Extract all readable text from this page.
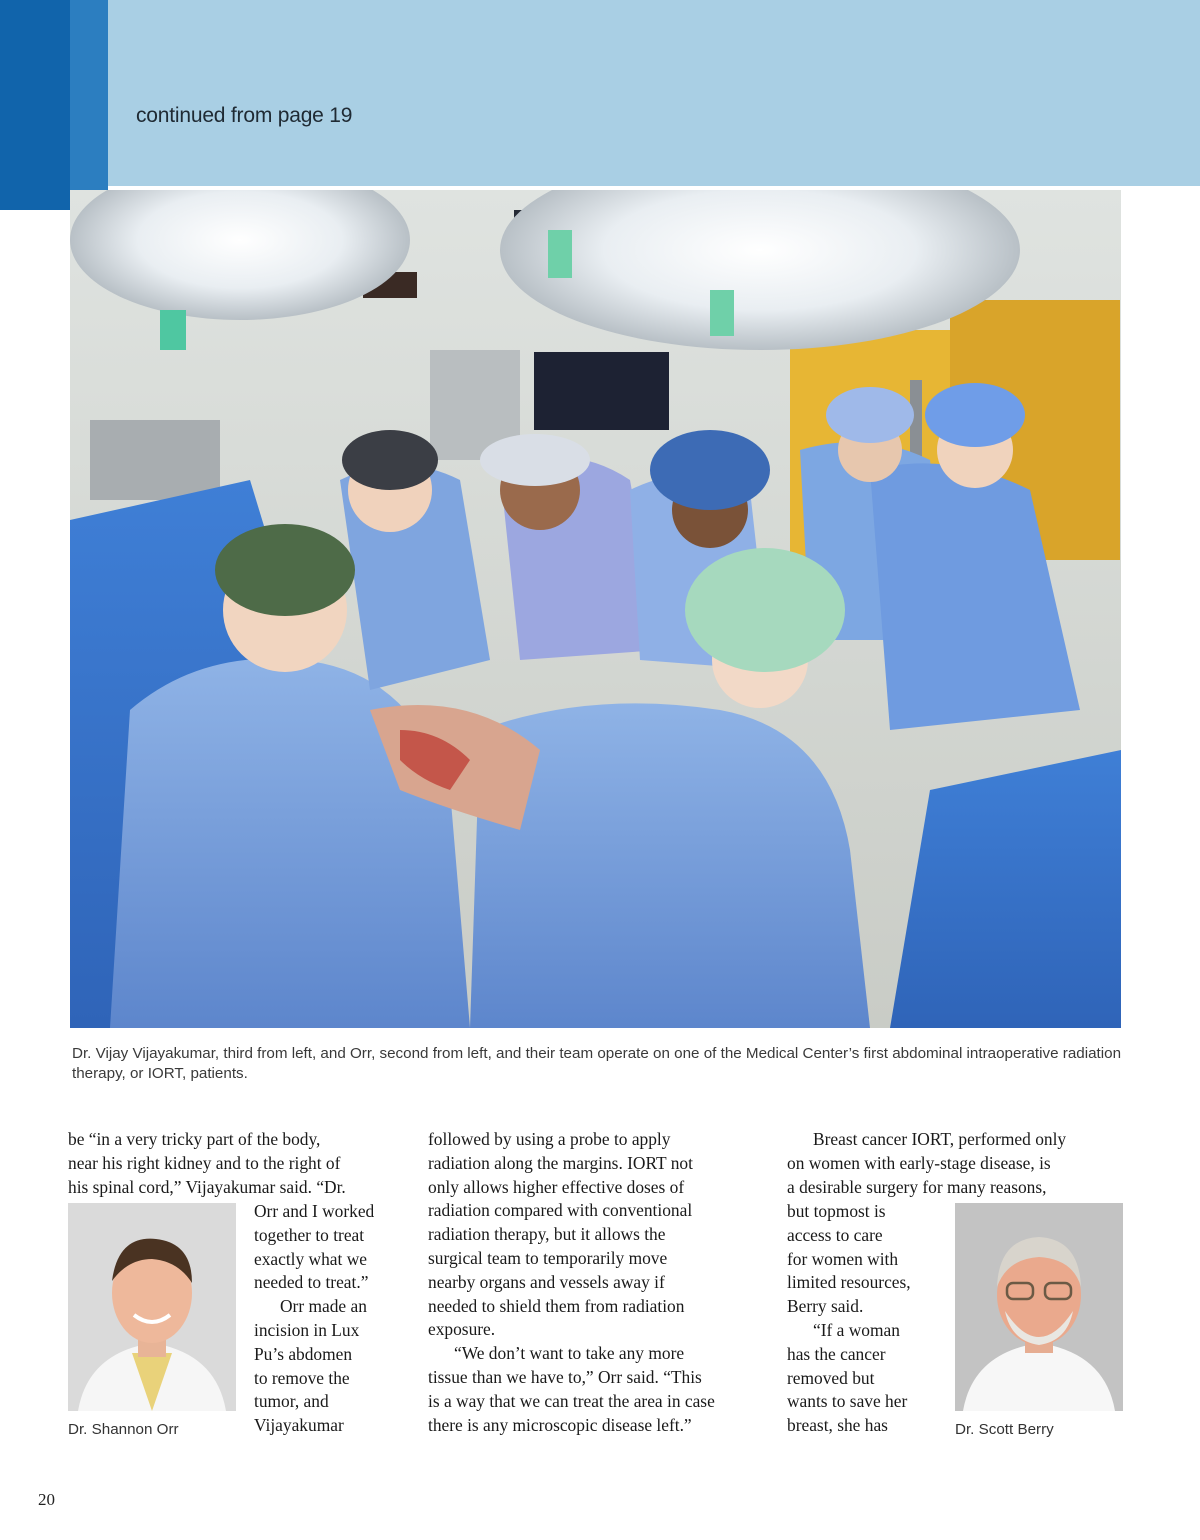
continued from page 19
Dr. Vijay Vijayakumar, third from left, and Orr, second from left, and their team operate on one of the Medical Center’s first abdominal intraoperative radiation therapy, or IORT, patients.

be “in a very tricky part of the body,

near his right kidney and to the right of

his spinal cord,” Vijayakumar said. “Dr.

Dr. Shannon Orr

Orr and I worked

together to treat

exactly what we

needed to treat.”

Orr made an

incision in Lux

Pu’s abdomen

to remove the

tumor, and

Vijayakumar

followed by using a probe to apply

radiation along the margins. IORT not

only allows higher effective doses of

radiation compared with conventional

radiation therapy, but it allows the

surgical team to temporarily move

nearby organs and vessels away if

needed to shield them from radiation

exposure.

“We don’t want to take any more

tissue than we have to,” Orr said. “This

is a way that we can treat the area in case

there is any microscopic disease left.”

Breast cancer IORT, performed only

on women with early-stage disease, is

a desirable surgery for many reasons,

but topmost is

access to care

for women with

limited resources,

Berry said.

“If a woman

has the cancer

removed but

wants to save her

breast, she has	Dr. Scott Berry
20
